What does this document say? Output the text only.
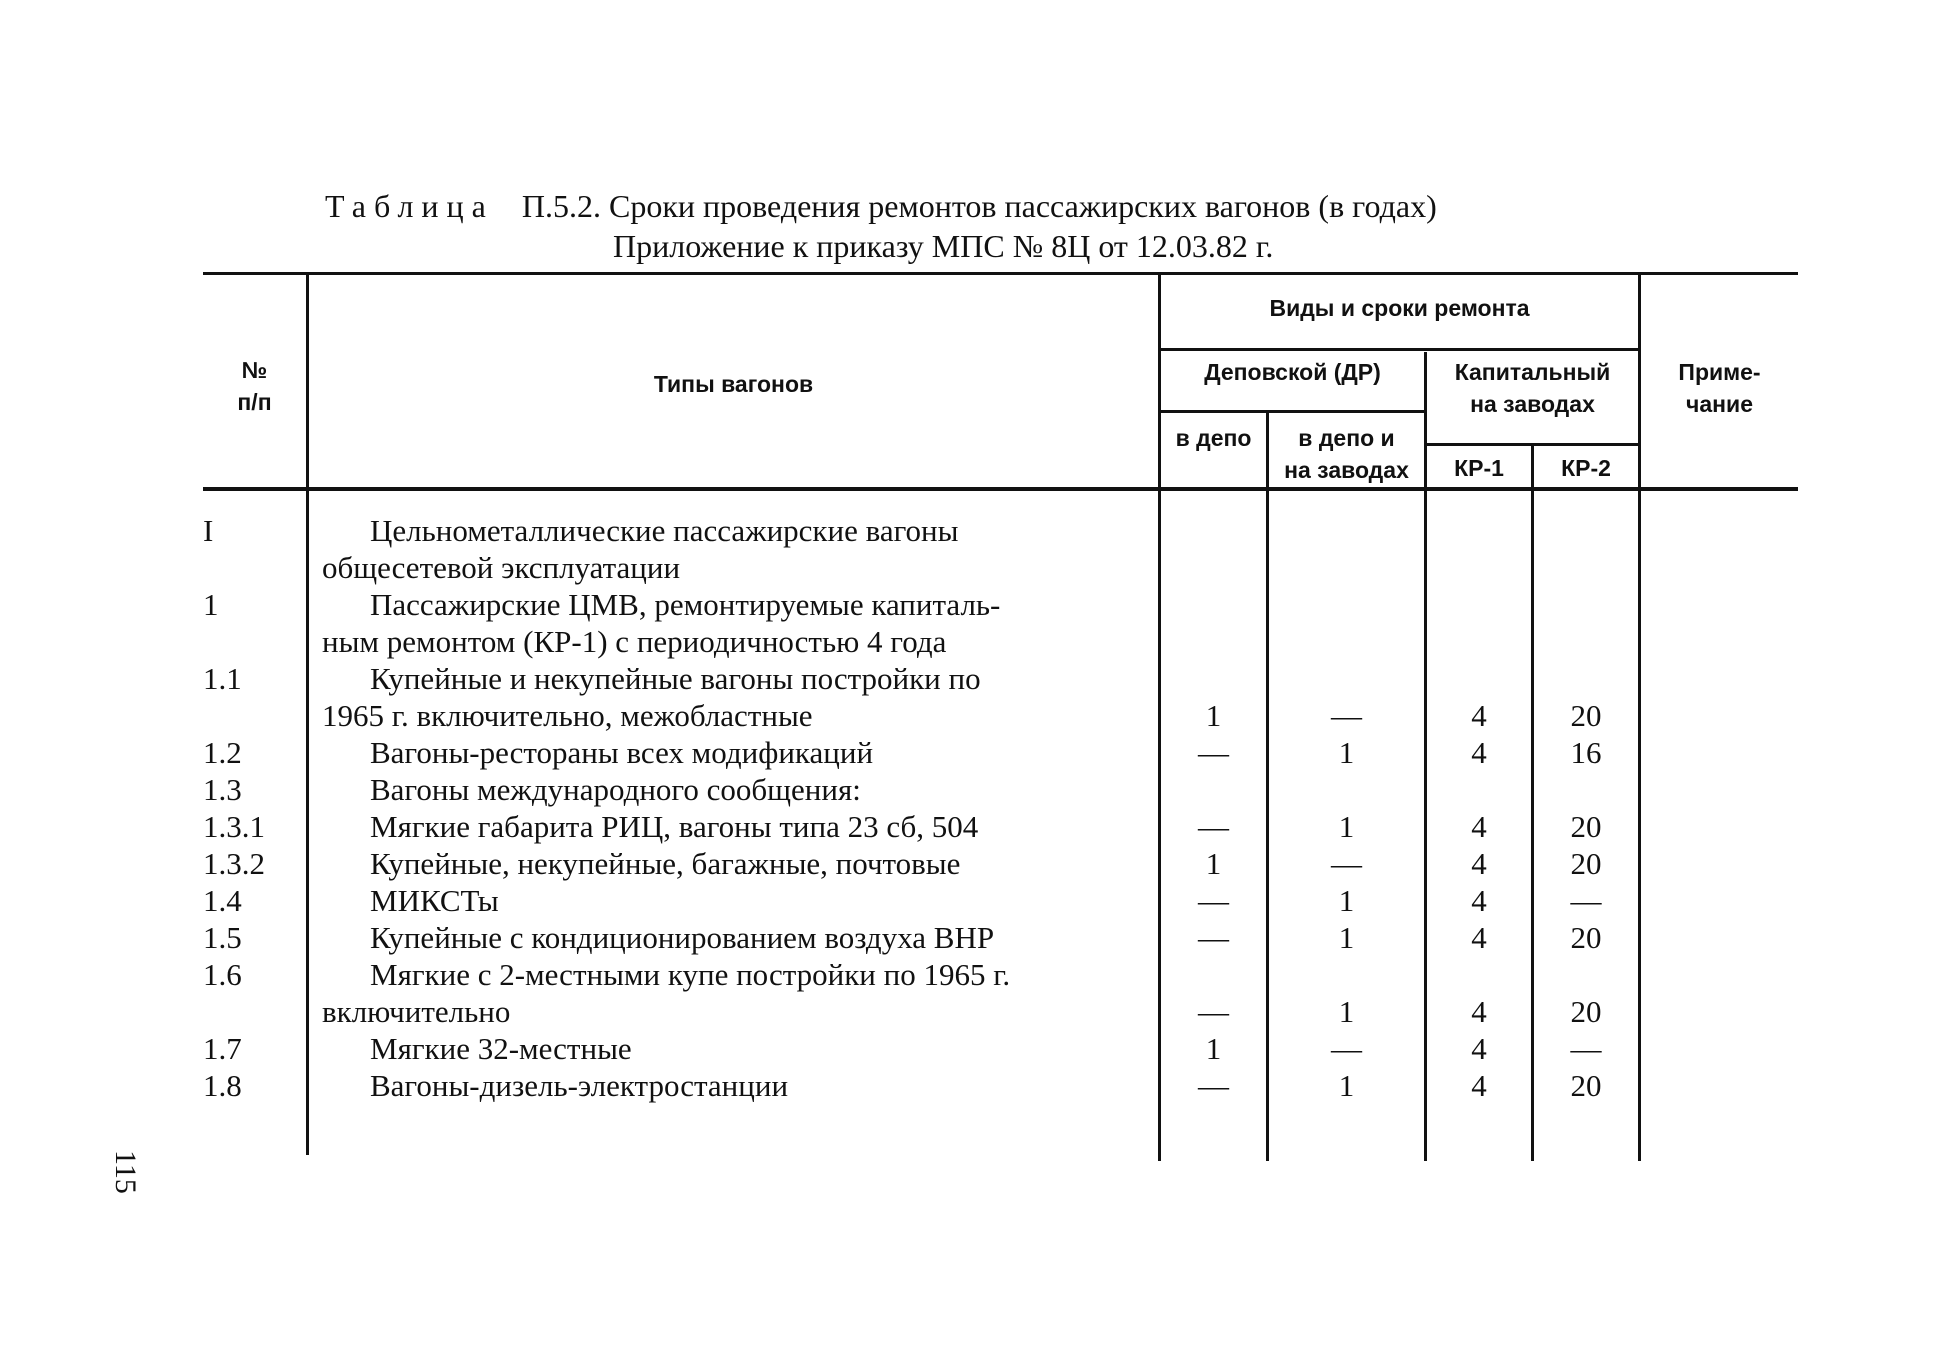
Таблица П.5.2. Сроки проведения ремонтов пассажирских вагонов (в годах)
Приложение к приказу МПС № 8Ц от 12.03.82 г.
№
п/п
Типы вагонов
Виды и сроки ремонта
Деповской (ДР)	Капитальный
на заводах
в депо	в депо и
на заводах	КР-1	КР-2
Приме-
чание
I	Цельнометаллические пассажирские вагоны
общесетевой эксплуатации
1	Пассажирские ЦМВ, ремонтируемые капиталь-
ным ремонтом (КР-1) с периодичностью 4 года
1.1	Купейные и некупейные вагоны постройки по
1965 г. включительно, межобластные	1	—	4	20
1.2	Вагоны-рестораны всех модификаций	—	1	4	16
1.3	Вагоны международного сообщения:
1.3.1	Мягкие габарита РИЦ, вагоны типа 23 сб, 504	—	1	4	20
1.3.2	Купейные, некупейные, багажные, почтовые	1	—	4	20
1.4	МИКСТы	—	1	4	—
1.5	Купейные с кондиционированием воздуха ВНР	—	1	4	20
1.6	Мягкие с 2-местными купе постройки по 1965 г.
включительно	—	1	4	20
1.7	Мягкие 32-местные	1	—	4	—
1.8	Вагоны-дизель-электростанции	—	1	4	20
115
